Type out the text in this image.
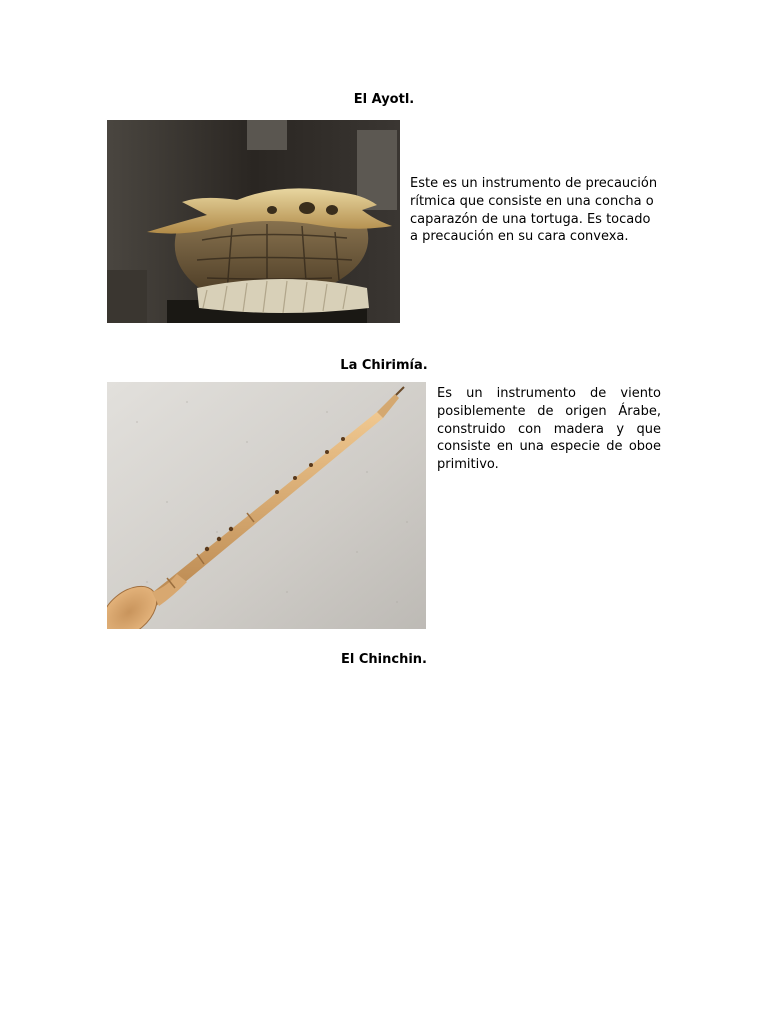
El Ayotl.

Este es un instrumento de precaución rítmica que consiste en una concha o caparazón de una tortuga. Es tocado a precaución en su cara convexa.

La Chirimía.

Es un instrumento de viento posiblemente de origen Árabe, construido con madera y que consiste en una especie de oboe primitivo.

El Chinchin.
